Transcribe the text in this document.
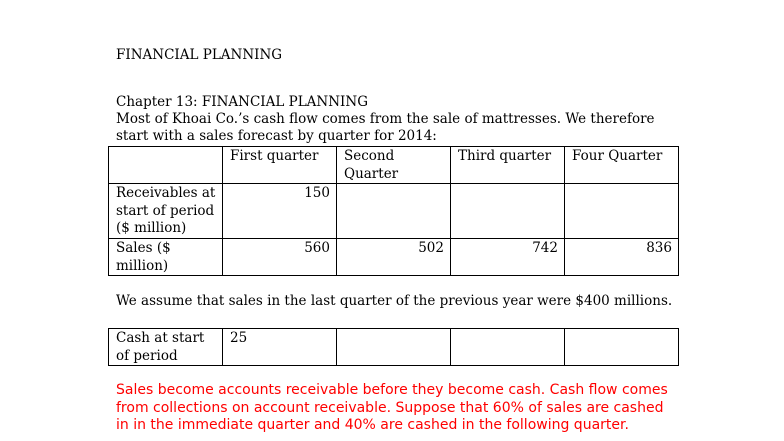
FINANCIAL PLANNING
Chapter 13: FINANCIAL PLANNING
Most of Khoai Co.’s cash flow comes from the sale of mattresses. We therefore start with a sales forecast by quarter for 2014:
	First quarter	Second Quarter	Third quarter	Four Quarter
Receivables at start of period ($ million)	150			
Sales ($ million)	560	502	742	836
We assume that sales in the last quarter of the previous year were $400 millions.
Cash at start of period	25			
Sales become accounts receivable before they become cash. Cash flow comes from collections on account receivable. Suppose that 60% of sales are cashed in in the immediate quarter and 40% are cashed in the following quarter.
